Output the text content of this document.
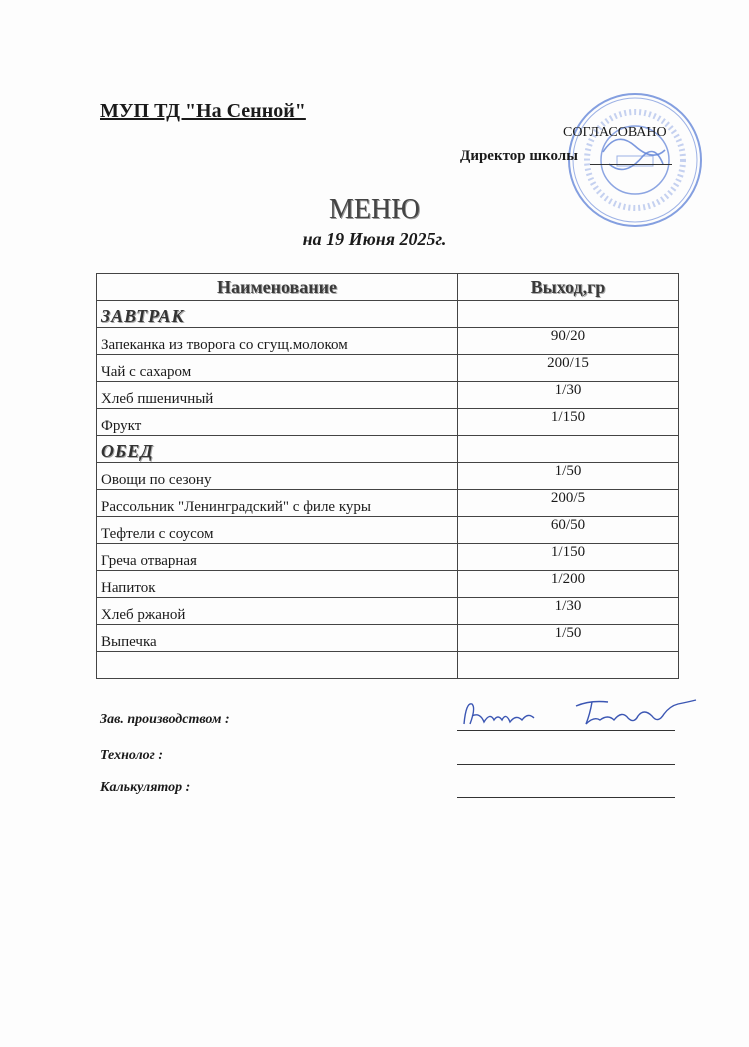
МУП ТД "На Сенной"
СОГЛАСОВАНО
Директор школы
МЕНЮ
на 19 Июня 2025г.
Наименование	Выход,гр
ЗАВТРАК	
Запеканка из творога со сгущ.молоком	90/20
Чай с сахаром	200/15
Хлеб пшеничный	1/30
Фрукт	1/150
ОБЕД	
Овощи по сезону	1/50
Рассольник "Ленинградский" с филе куры	200/5
Тефтели с соусом	60/50
Греча отварная	1/150
Напиток	1/200
Хлеб ржаной	1/30
Выпечка	1/50

Зав. производством :
Технолог :
Калькулятор :
